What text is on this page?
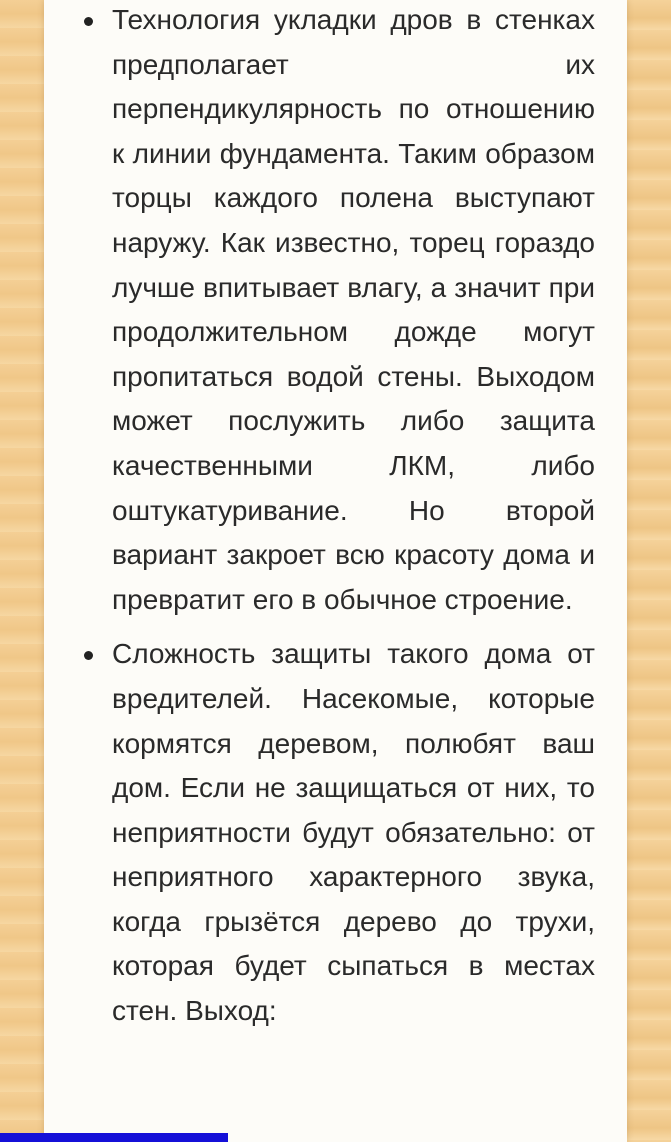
Технология укладки дров в стенках предполагает их перпендикулярность по отношению к линии фундамента. Таким образом торцы каждого полена выступают наружу. Как известно, торец гораздо лучше впитывает влагу, а значит при продолжительном дожде могут пропитаться водой стены. Выходом может послужить либо защита качественными ЛКМ, либо оштукатуривание. Но второй вариант закроет всю красоту дома и превратит его в обычное строение.
Сложность защиты такого дома от вредителей. Насекомые, которые кормятся деревом, полюбят ваш дом. Если не защищаться от них, то неприятности будут обязательно: от неприятного характерного звука, когда грызётся дерево до трухи, которая будет сыпаться в местах стен. Выход:
